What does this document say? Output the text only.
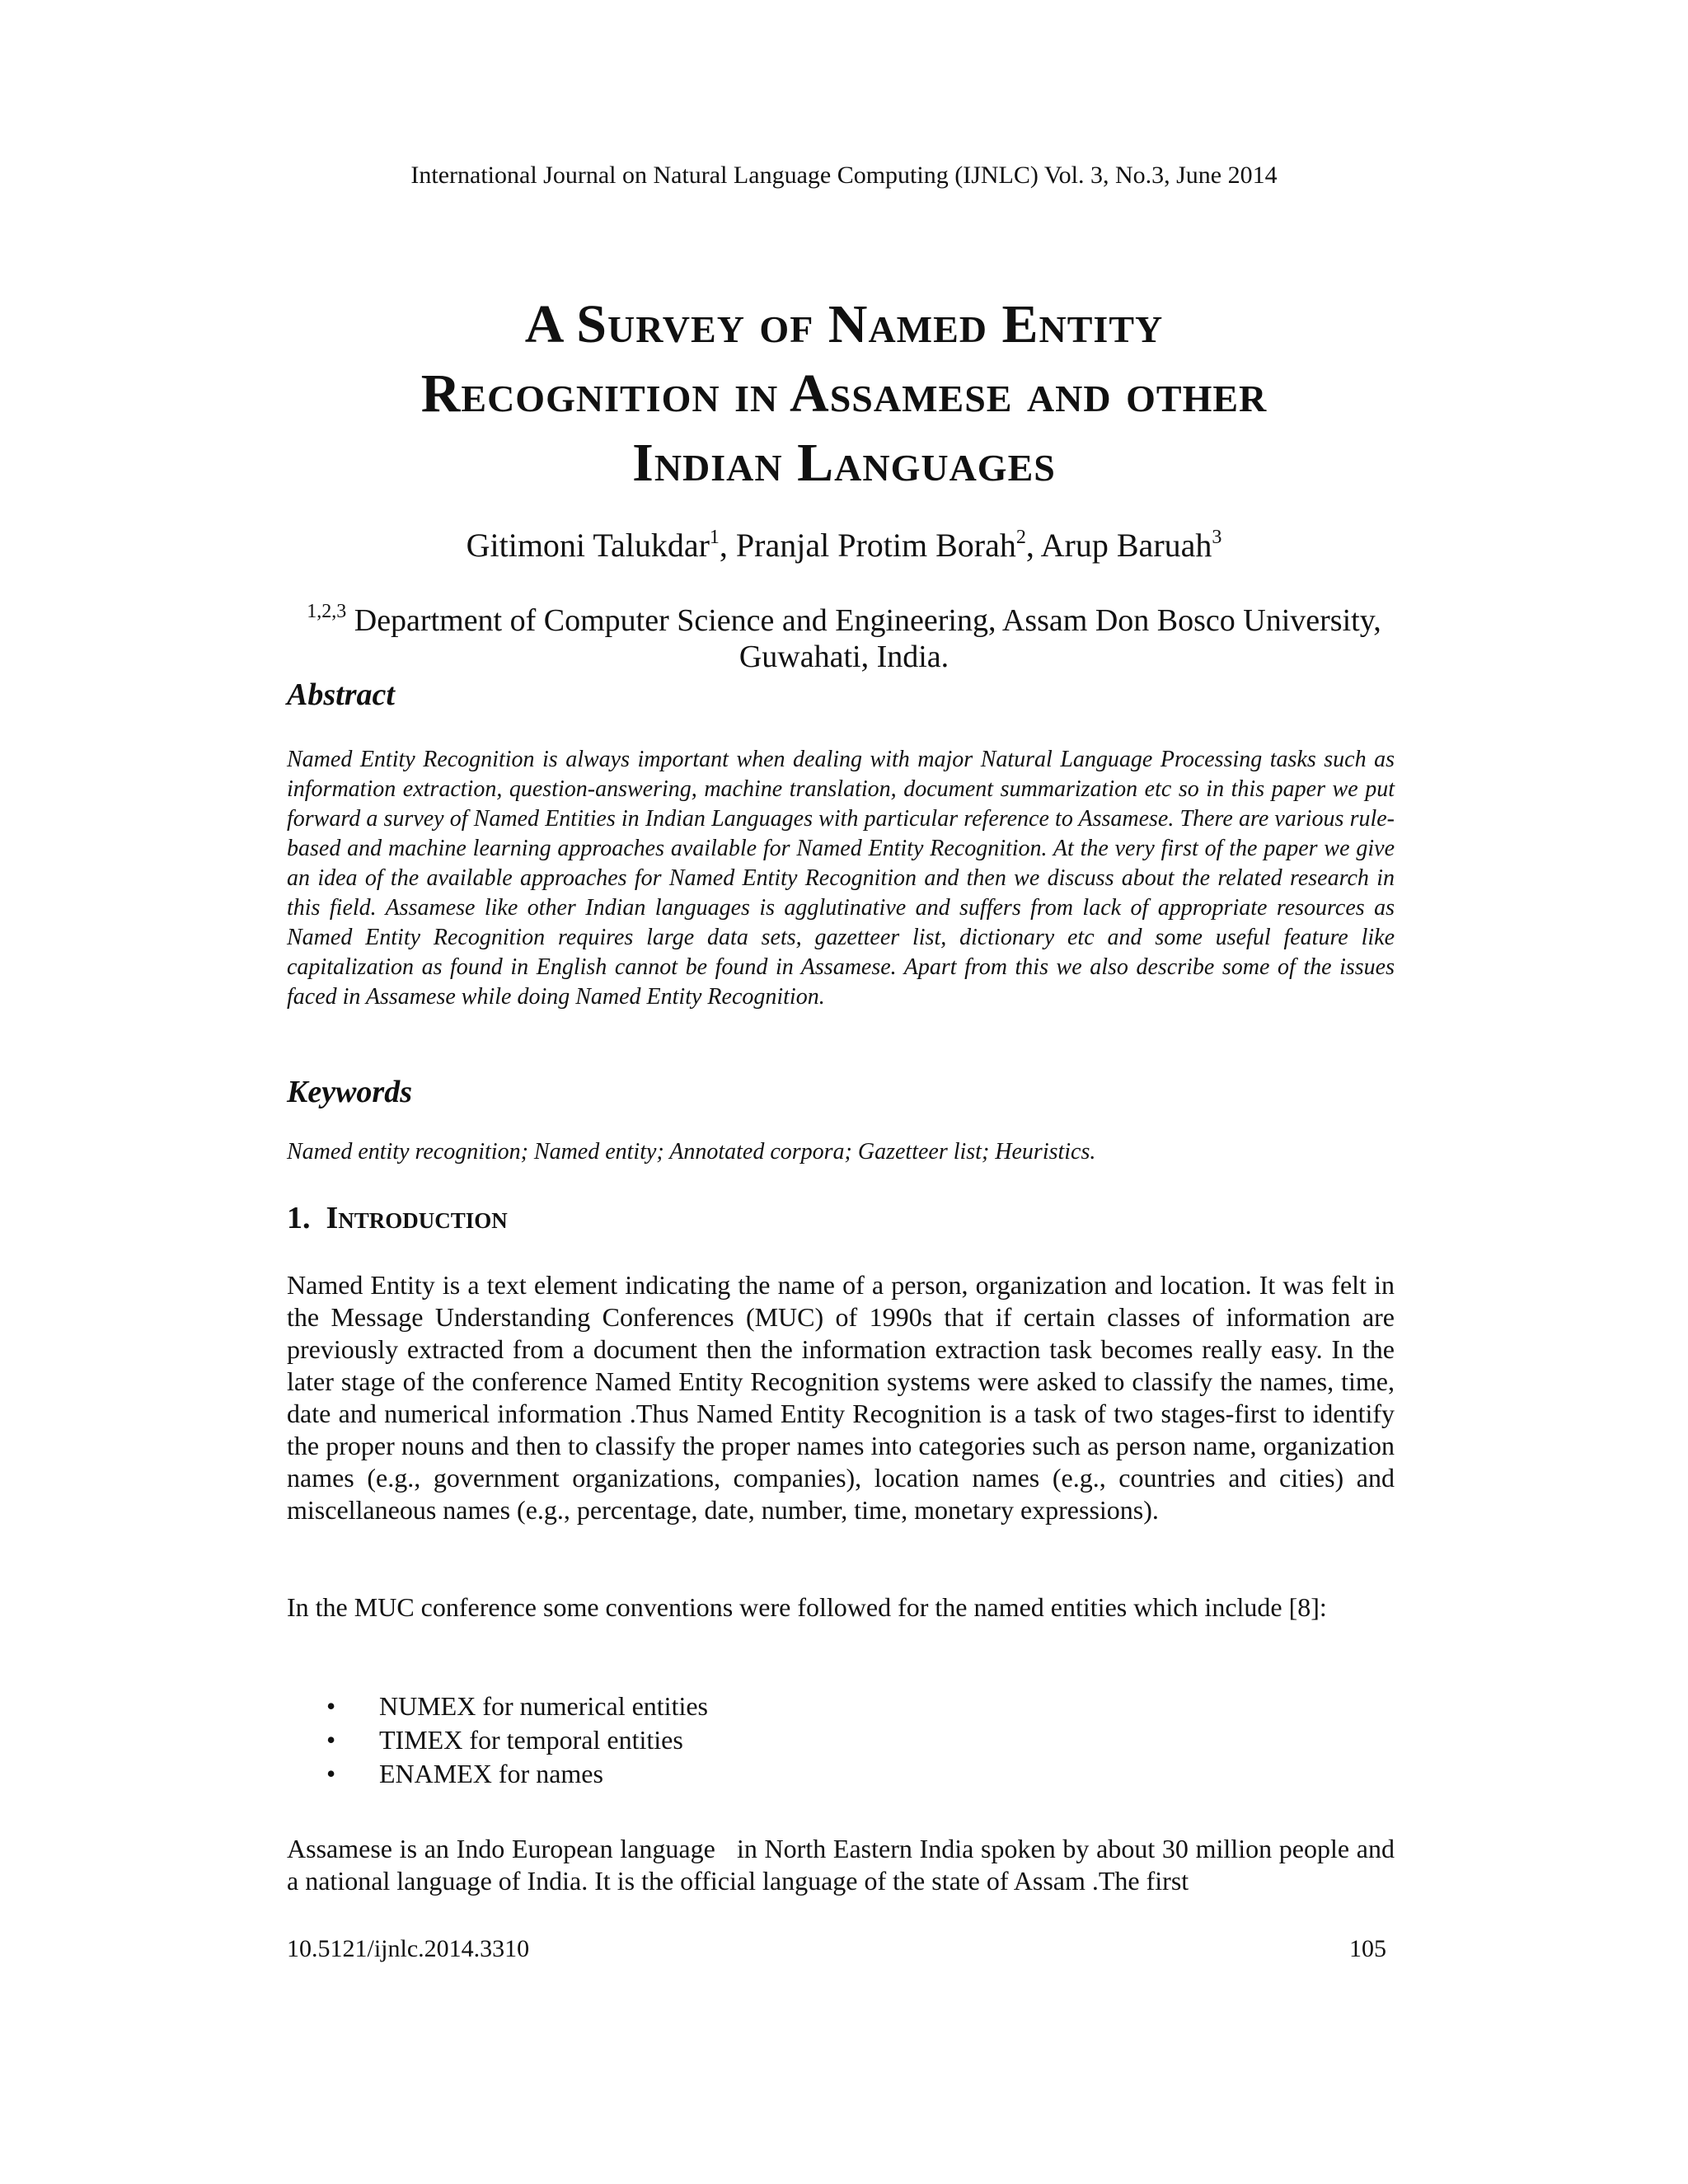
International Journal on Natural Language Computing (IJNLC) Vol. 3, No.3, June 2014
A Survey of Named Entity
Recognition in Assamese and other
Indian Languages
Gitimoni Talukdar$^1$, Pranjal Protim Borah$^2$, Arup Baruah$^3$
$^{1,2,3}$ Department of Computer Science and Engineering, Assam Don Bosco University, Guwahati, India.
Abstract
Named Entity Recognition is always important when dealing with major Natural Language Processing tasks such as information extraction, question-answering, machine translation, document summarization etc so in this paper we put forward a survey of Named Entities in Indian Languages with particular reference to Assamese. There are various rule-based and machine learning approaches available for Named Entity Recognition. At the very first of the paper we give an idea of the available approaches for Named Entity Recognition and then we discuss about the related research in this field. Assamese like other Indian languages is agglutinative and suffers from lack of appropriate resources as Named Entity Recognition requires large data sets, gazetteer list, dictionary etc and some useful feature like capitalization as found in English cannot be found in Assamese. Apart from this we also describe some of the issues faced in Assamese while doing Named Entity Recognition.
Keywords
Named entity recognition; Named entity; Annotated corpora; Gazetteer list; Heuristics.
1. Introduction
Named Entity is a text element indicating the name of a person, organization and location. It was felt in the Message Understanding Conferences (MUC) of 1990s that if certain classes of information are previously extracted from a document then the information extraction task becomes really easy. In the later stage of the conference Named Entity Recognition systems were asked to classify the names, time, date and numerical information .Thus Named Entity Recognition is a task of two stages-first to identify the proper nouns and then to classify the proper names into categories such as person name, organization names (e.g., government organizations, companies), location names (e.g., countries and cities) and miscellaneous names (e.g., percentage, date, number, time, monetary expressions).
In the MUC conference some conventions were followed for the named entities which include [8]:
• NUMEX for numerical entities
• TIMEX for temporal entities
• ENAMEX for names
Assamese is an Indo European language   in North Eastern India spoken by about 30 million people and a national language of India. It is the official language of the state of Assam .The first
10.5121/ijnlc.2014.3310	105
